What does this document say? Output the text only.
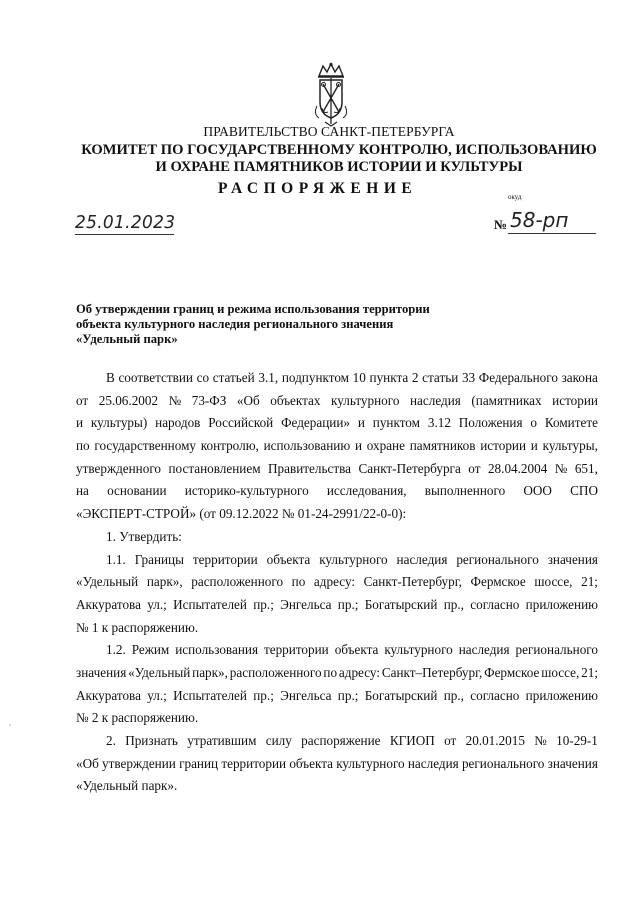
ПРАВИТЕЛЬСТВО САНКТ-ПЕТЕРБУРГА
КОМИТЕТ ПО ГОСУДАРСТВЕННОМУ КОНТРОЛЮ, ИСПОЛЬЗОВАНИЮ
И ОХРАНЕ ПАМЯТНИКОВ ИСТОРИИ И КУЛЬТУРЫ
РАСПОРЯЖЕНИЕ	окуд
25.01.2023	№ 58-рп
Об утверждении границ и режима использования территории
объекта культурного наследия регионального значения
«Удельный парк»
В соответствии со статьей 3.1, подпунктом 10 пункта 2 статьи 33 Федерального закона
от 25.06.2002 № 73-ФЗ «Об объектах культурного наследия (памятниках истории
и культуры) народов Российской Федерации» и пунктом 3.12 Положения о Комитете
по государственному контролю, использованию и охране памятников истории и культуры,
утвержденного постановлением Правительства Санкт-Петербурга от 28.04.2004 № 651,
на основании историко-культурного исследования, выполненного ООО СПО
«ЭКСПЕРТ-СТРОЙ» (от 09.12.2022 № 01-24-2991/22-0-0):
1. Утвердить:
1.1. Границы территории объекта культурного наследия регионального значения
«Удельный парк», расположенного по адресу: Санкт-Петербург, Фермское шоссе, 21;
Аккуратова ул.; Испытателей пр.; Энгельса пр.; Богатырский пр., согласно приложению
№ 1 к распоряжению.
1.2. Режим использования территории объекта культурного наследия регионального
значения «Удельный парк», расположенного по адресу: Санкт–Петербург, Фермское шоссе, 21;
Аккуратова ул.; Испытателей пр.; Энгельса пр.; Богатырский пр., согласно приложению
№ 2 к распоряжению.
2. Признать утратившим силу распоряжение КГИОП от 20.01.2015 № 10-29-1
«Об утверждении границ территории объекта культурного наследия регионального значения
«Удельный парк».
,
